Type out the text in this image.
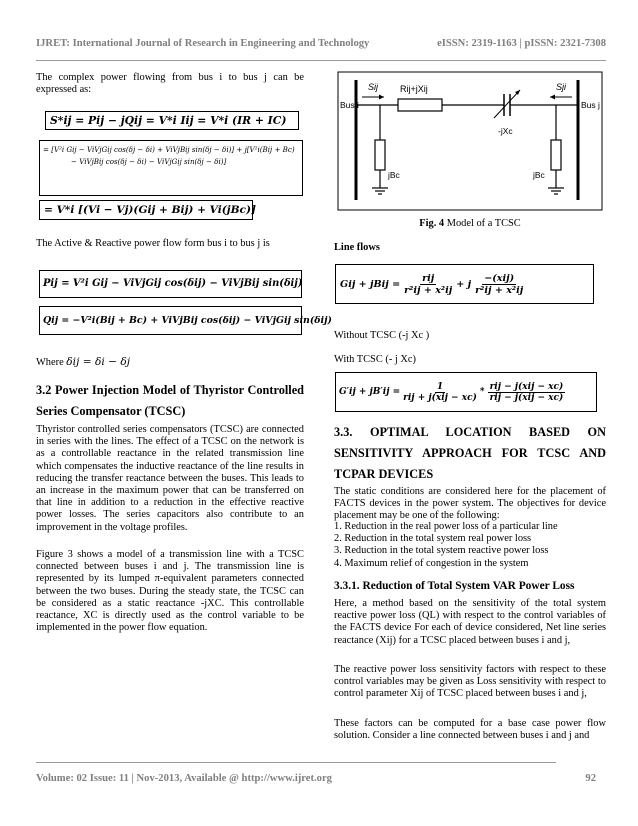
IJRET: International Journal of Research in Engineering and Technology	eISSN: 2319-1163 | pISSN: 2321-7308
The complex power flowing from bus i to bus j can be expressed as:
S*ij = Pij − jQij = V*i Iij = V*i (IR + IC)
= [V²i Gij − ViVjGij cos(δj − δi) + ViVjBij sin(δj − δi)] + j[V²i(Bij + Bc)
− ViVjBij cos(δj − δi) − ViVjGij sin(δj − δi)]
= V*i [(Vi − Vj)(Gij + Bij) + Vi(jBc)]
The Active & Reactive power flow form bus i to bus j is
Pij = V²i Gij − ViVjGij cos(δij) − ViVjBij sin(δij)
Qij = −V²i(Bij + Bc) + ViVjBij cos(δij) − ViVjGij sin(δij)
Where δij = δi − δj
3.2 Power Injection Model of Thyristor Controlled Series Compensator (TCSC)
Thyristor controlled series compensators (TCSC) are connected in series with the lines. The effect of a TCSC on the network is as a controllable reactance in the related transmission line which compensates the inductive reactance of the line results in reducing the transfer reactance between the buses. This leads to an increase in the maximum power that can be transferred on that line in addition to a reduction in the effective reactive power losses. The series capacitors also contribute to an improvement in the voltage profiles.
Figure 3 shows a model of a transmission line with a TCSC connected between buses i and j. The transmission line is represented by its lumped π-equivalent parameters connected between the two buses. During the steady state, the TCSC can be considered as a static reactance -jXC. This controllable reactance, XC is directly used as the control variable to be implemented in the power flow equation.
Sij	Sji
Rij+jXij
Bus i	Bus j
-jXc
jBc	jBc
Fig. 4 Model of a TCSC
Line flows
Gij + jBij = $\frac{\text{rij}}{\text{r²ij + x²ij}} + j \frac{\text{−(xij)}}{\text{r²ij + x²ij}}$
Without TCSC (-j Xc )
With TCSC (- j Xc)
$G'ij + jB'ij = \frac{1}{\text{rij + j(xij − xc)}} * \frac{\text{rij − j(xij − xc)}}{\text{rij − j(xij − xc)}}$
3.3. OPTIMAL LOCATION BASED ON SENSITIVITY APPROACH FOR TCSC AND TCPAR DEVICES
The static conditions are considered here for the placement of FACTS devices in the power system. The objectives for device placement may be one of the following:
1. Reduction in the real power loss of a particular line
2. Reduction in the total system real power loss
3. Reduction in the total system reactive power loss
4. Maximum relief of congestion in the system
3.3.1. Reduction of Total System VAR Power Loss
Here, a method based on the sensitivity of the total system reactive power loss (QL) with respect to the control variables of the FACTS device For each of device considered, Net line series reactance (Xij) for a TCSC placed between buses i and j,
The reactive power loss sensitivity factors with respect to these control variables may be given as Loss sensitivity with respect to control parameter Xij of TCSC placed between buses i and j,
These factors can be computed for a base case power flow solution. Consider a line connected between buses i and j and
Volume: 02 Issue: 11 | Nov-2013, Available @ http://www.ijret.org	92
